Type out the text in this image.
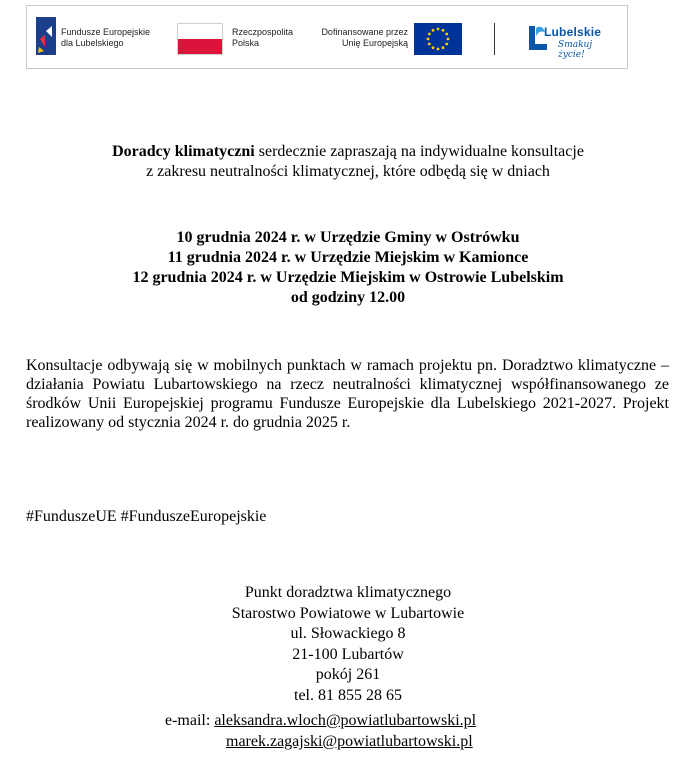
Fundusze Europejskie
dla Lubelskiego
Rzeczpospolita
Polska
Dofinansowane przez
Unię Europejską
Lubelskie
Smakuj życie!
Doradcy klimatyczni serdecznie zapraszają na indywidualne konsultacje
z zakresu neutralności klimatycznej, które odbędą się w dniach
10 grudnia 2024 r. w Urzędzie Gminy w Ostrówku
11 grudnia 2024 r. w Urzędzie Miejskim w Kamionce
12 grudnia 2024 r. w Urzędzie Miejskim w Ostrowie Lubelskim
od godziny 12.00
Konsultacje odbywają się w mobilnych punktach w ramach projektu pn. Doradztwo klimatyczne – działania Powiatu Lubartowskiego na rzecz neutralności klimatycznej współfinansowanego ze środków Unii Europejskiej programu Fundusze Europejskie dla Lubelskiego 2021-2027. Projekt realizowany od stycznia 2024 r. do grudnia 2025 r.
#FunduszeUE #FunduszeEuropejskie
Punkt doradztwa klimatycznego
Starostwo Powiatowe w Lubartowie
ul. Słowackiego 8
21-100 Lubartów
pokój 261
tel. 81 855 28 65
e-mail: aleksandra.wloch@powiatlubartowski.pl
marek.zagajski@powiatlubartowski.pl
